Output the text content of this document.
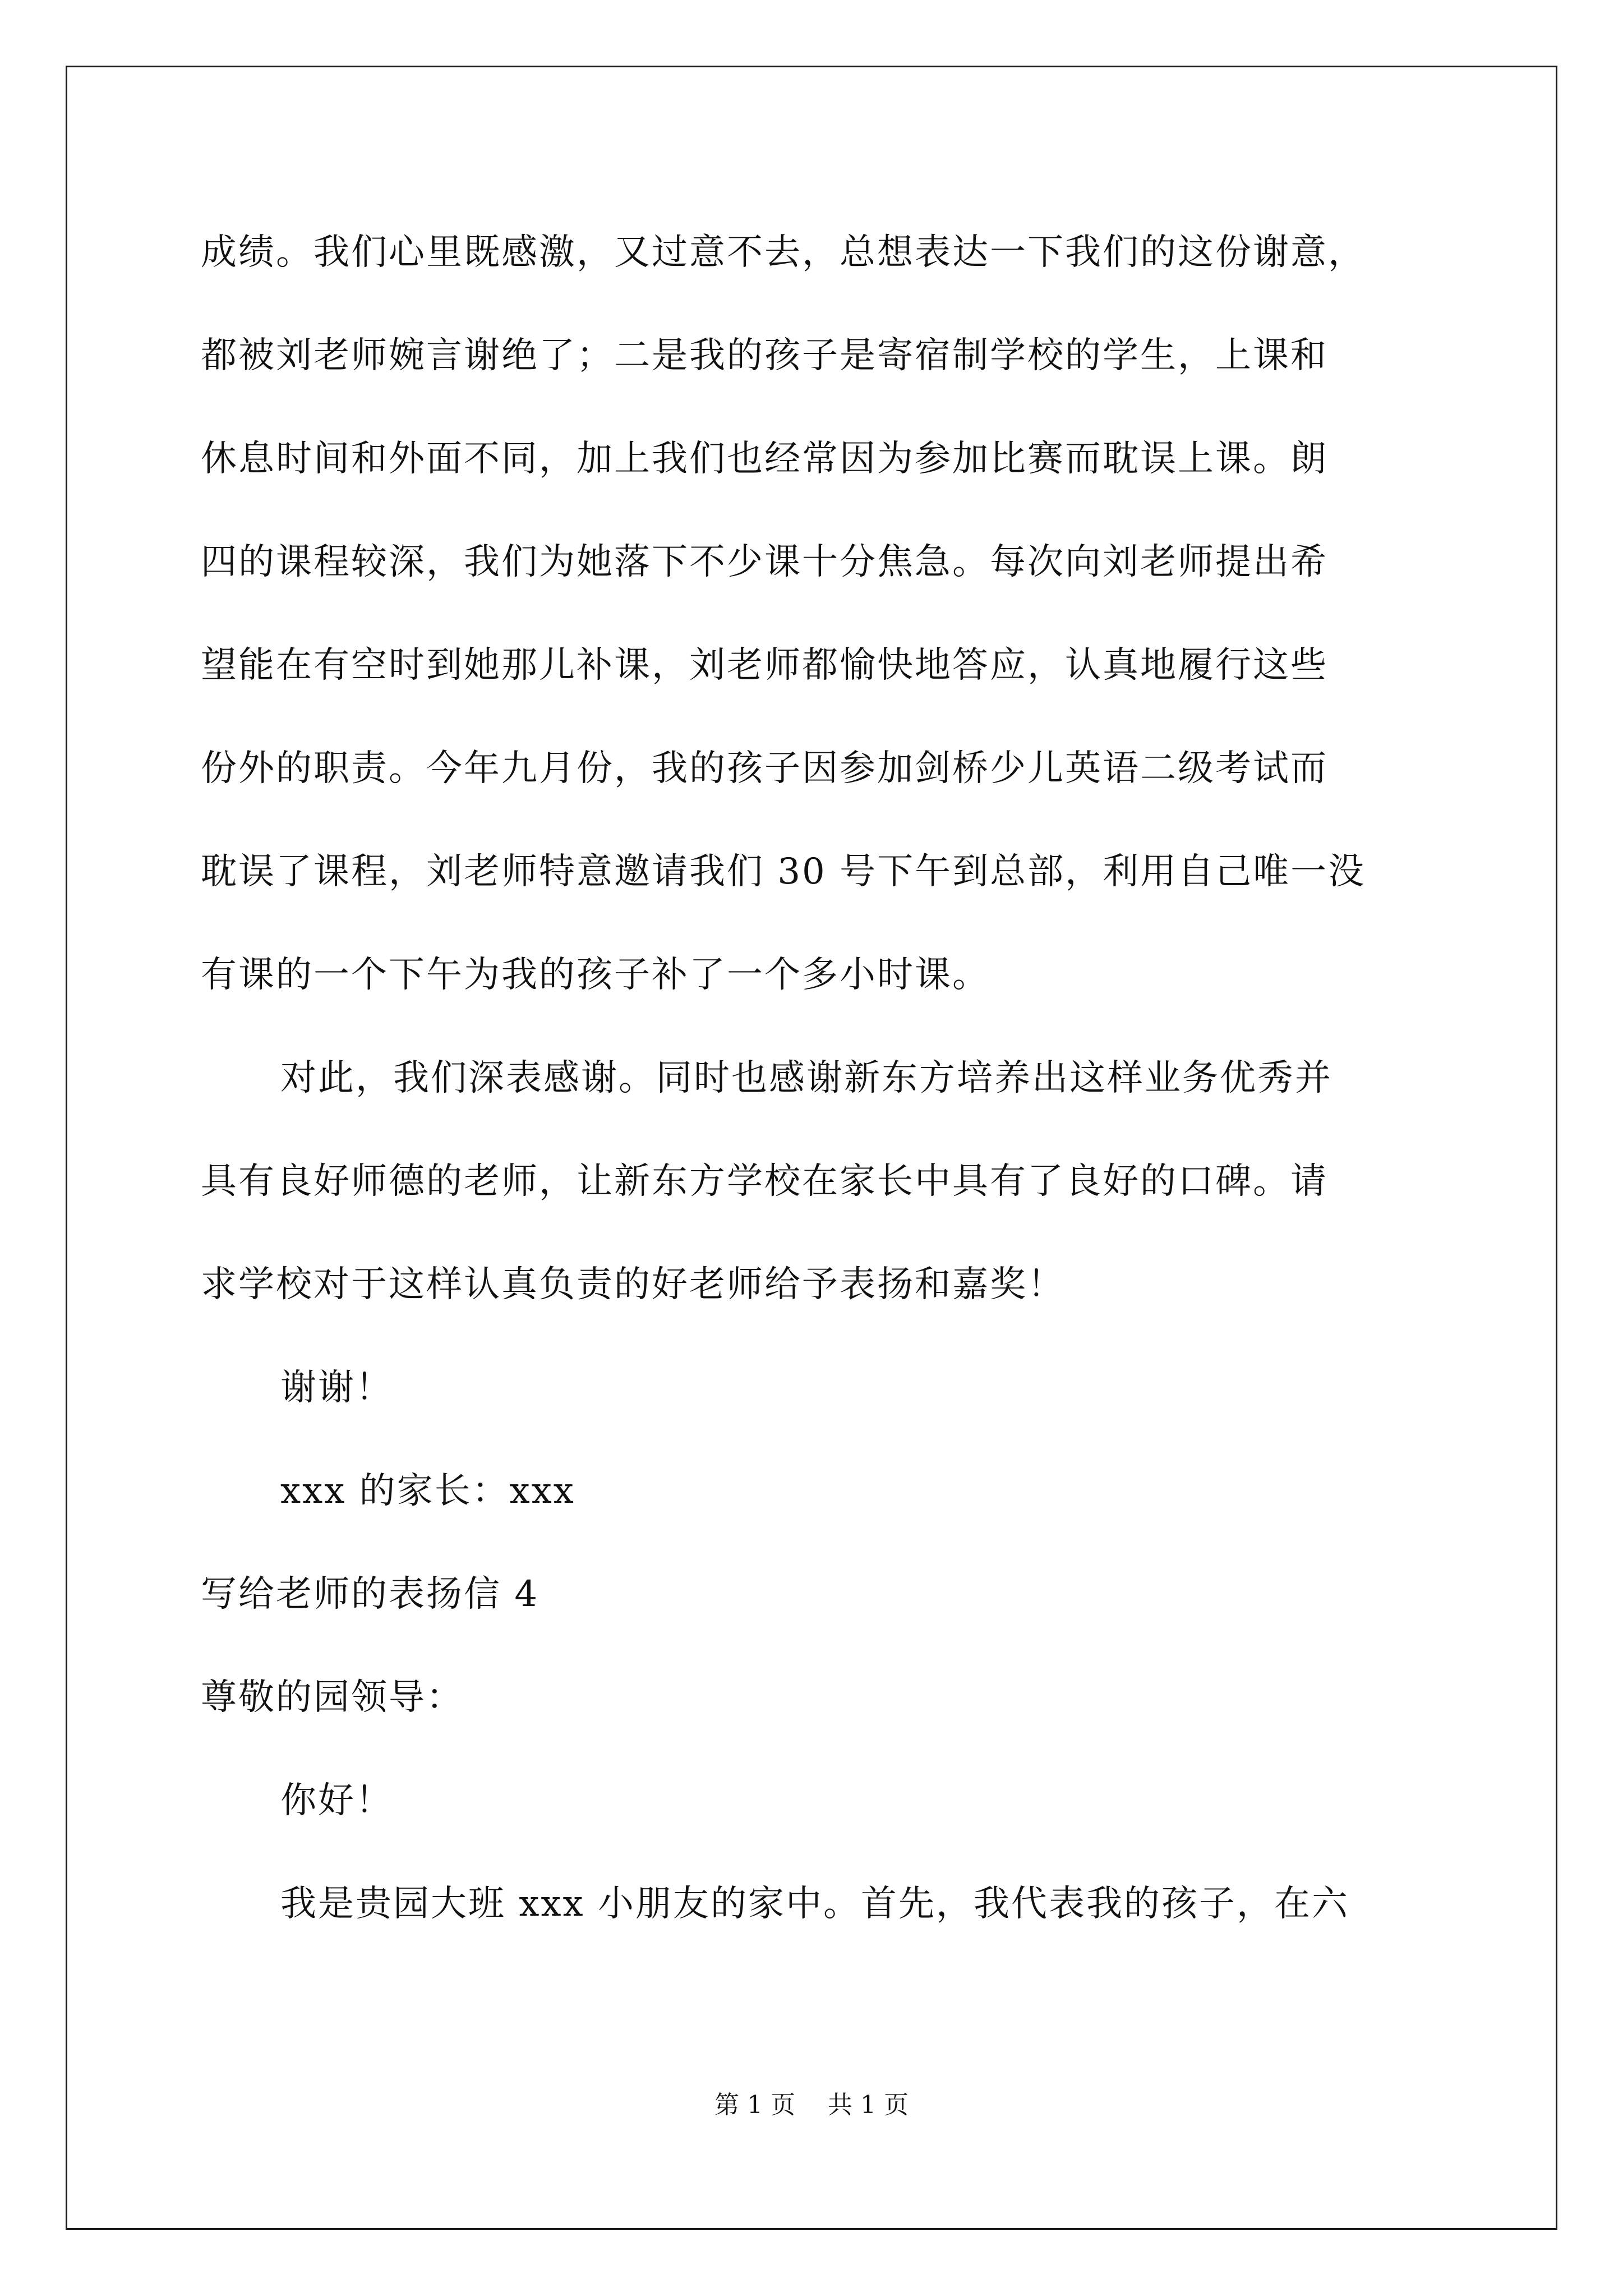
成绩。我们心里既感激，又过意不去，总想表达一下我们的这份谢意，
都被刘老师婉言谢绝了；二是我的孩子是寄宿制学校的学生，上课和
休息时间和外面不同，加上我们也经常因为参加比赛而耽误上课。朗
四的课程较深，我们为她落下不少课十分焦急。每次向刘老师提出希
望能在有空时到她那儿补课，刘老师都愉快地答应，认真地履行这些
份外的职责。今年九月份，我的孩子因参加剑桥少儿英语二级考试而
耽误了课程，刘老师特意邀请我们 30 号下午到总部，利用自己唯一没
有课的一个下午为我的孩子补了一个多小时课。
对此，我们深表感谢。同时也感谢新东方培养出这样业务优秀并
具有良好师德的老师，让新东方学校在家长中具有了良好的口碑。请
求学校对于这样认真负责的好老师给予表扬和嘉奖！
谢谢！
xxx 的家长：xxx
写给老师的表扬信 4
尊敬的园领导：
你好！
我是贵园大班 xxx 小朋友的家中。首先，我代表我的孩子，在六
第 1 页　 共 1 页
